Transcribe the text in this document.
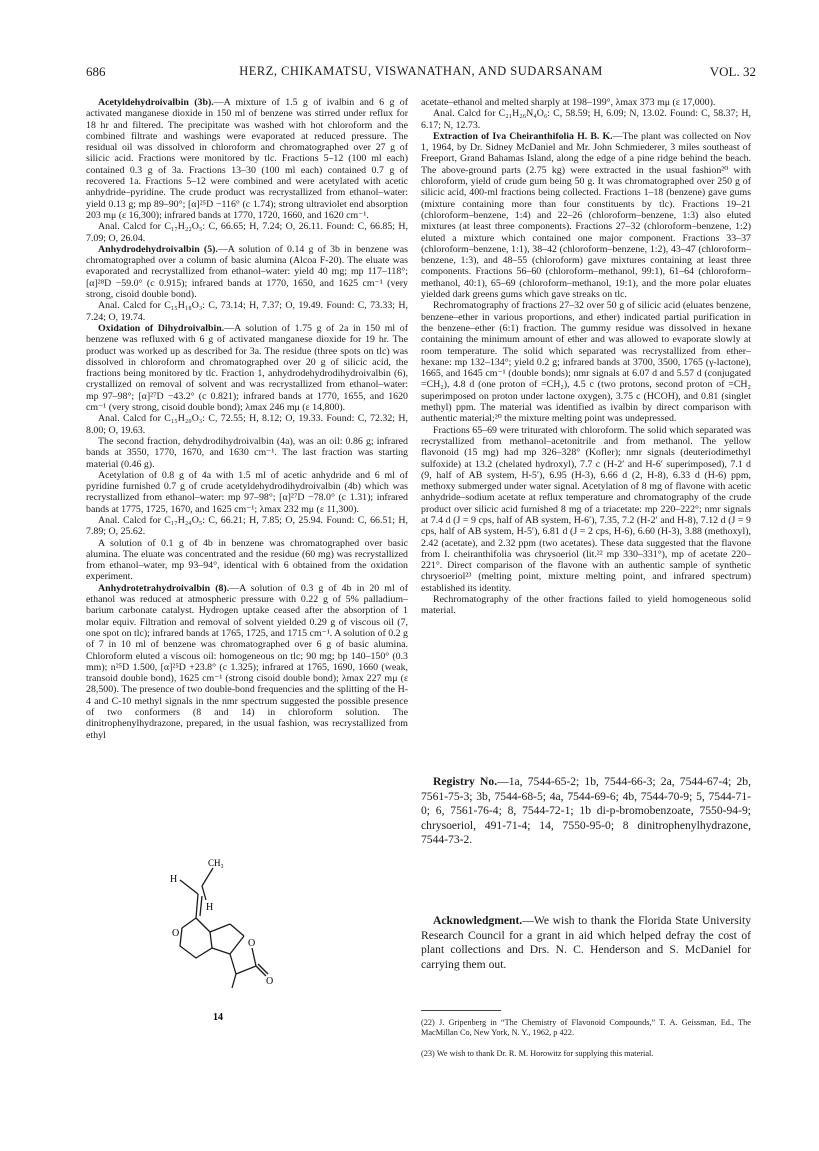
686	HERZ, CHIKAMATSU, VISWANATHAN, AND SUDARSANAM	VOL. 32

Acetyldehydroivalbin (3b).—A mixture of 1.5 g of ivalbin and 6 g of activated manganese dioxide in 150 ml of benzene was stirred under reflux for 18 hr and filtered. The precipitate was washed with hot chloroform and the combined filtrate and washings were evaporated at reduced pressure. The residual oil was dissolved in chloroform and chromatographed over 27 g of silicic acid. Fractions were monitored by tlc. Fractions 5–12 (100 ml each) contained 0.3 g of 3a. Fractions 13–30 (100 ml each) contained 0.7 g of recovered 1a. Fractions 5–12 were combined and were acetylated with acetic anhydride–pyridine. The crude product was recrystallized from ethanol–water: yield 0.13 g; mp 89–90°; [α]²⁵D −116° (c 1.74); strong ultraviolet end absorption 203 mμ (ε 16,300); infrared bands at 1770, 1720, 1660, and 1620 cm⁻¹.

Anal. Calcd for C₁₇H₂₂O₅: C, 66.65; H, 7.24; O, 26.11. Found: C, 66.85; H, 7.09; O, 26.04.

Anhydrodehydroivalbin (5).—A solution of 0.14 g of 3b in benzene was chromatographed over a column of basic alumina (Alcoa F-20). The eluate was evaporated and recrystallized from ethanol–water: yield 40 mg; mp 117–118°; [α]²⁸D −59.0° (c 0.915); infrared bands at 1770, 1650, and 1625 cm⁻¹ (very strong, cisoid double bond).

Anal. Calcd for C₁₅H₁₈O₃: C, 73.14; H, 7.37; O, 19.49. Found: C, 73.33; H, 7.24; O, 19.74.

Oxidation of Dihydroivalbin.—A solution of 1.75 g of 2a in 150 ml of benzene was refluxed with 6 g of activated manganese dioxide for 19 hr. The product was worked up as described for 3a. The residue (three spots on tlc) was dissolved in chloroform and chromatographed over 20 g of silicic acid, the fractions being monitored by tlc. Fraction 1, anhydrodehydrodihydroivalbin (6), crystallized on removal of solvent and was recrystallized from ethanol–water: mp 97–98°; [α]²⁷D −43.2° (c 0.821); infrared bands at 1770, 1655, and 1620 cm⁻¹ (very strong, cisoid double bond); λmax 246 mμ (ε 14,800).

Anal. Calcd for C₁₅H₂₀O₃: C, 72.55; H, 8.12; O, 19.33. Found: C, 72.32; H, 8.00; O, 19.63.

The second fraction, dehydrodihydroivalbin (4a), was an oil: 0.86 g; infrared bands at 3550, 1770, 1670, and 1630 cm⁻¹. The last fraction was starting material (0.46 g).

Acetylation of 0.8 g of 4a with 1.5 ml of acetic anhydride and 6 ml of pyridine furnished 0.7 g of crude acetyldehydrodihydroivalbin (4b) which was recrystallized from ethanol–water: mp 97–98°; [α]²⁷D −78.0° (c 1.31); infrared bands at 1775, 1725, 1670, and 1625 cm⁻¹; λmax 232 mμ (ε 11,300).

Anal. Calcd for C₁₇H₂₄O₅: C, 66.21; H, 7.85; O, 25.94. Found: C, 66.51; H, 7.89; O, 25.62.

A solution of 0.1 g of 4b in benzene was chromatographed over basic alumina. The eluate was concentrated and the residue (60 mg) was recrystallized from ethanol–water, mp 93–94°, identical with 6 obtained from the oxidation experiment.

Anhydrotetrahydroivalbin (8).—A solution of 0.3 g of 4b in 20 ml of ethanol was reduced at atmospheric pressure with 0.22 g of 5% palladium–barium carbonate catalyst. Hydrogen uptake ceased after the absorption of 1 molar equiv. Filtration and removal of solvent yielded 0.29 g of viscous oil (7, one spot on tlc); infrared bands at 1765, 1725, and 1715 cm⁻¹. A solution of 0.2 g of 7 in 10 ml of benzene was chromatographed over 6 g of basic alumina. Chloroform eluted a viscous oil: homogeneous on tlc; 90 mg; bp 140–150° (0.3 mm); n²⁵D 1.500, [α]²⁵D +23.8° (c 1.325); infrared at 1765, 1690, 1660 (weak, transoid double bond), 1625 cm⁻¹ (strong cisoid double bond); λmax 227 mμ (ε 28,500). The presence of two double-bond frequencies and the splitting of the H-4 and C-10 methyl signals in the nmr spectrum suggested the possible presence of two conformers (8 and 14) in chloroform solution. The dinitrophenylhydrazone, prepared, in the usual fashion, was recrystallized from ethyl

CH₃
H
H
O
O
O
14

acetate–ethanol and melted sharply at 198–199°, λmax 373 mμ (ε 17,000).

Anal. Calcd for C₂₁H₂₆N₄O₆: C, 58.59; H, 6.09; N, 13.02. Found: C, 58.37; H, 6.17; N, 12.73.

Extraction of Iva Cheiranthifolia H. B. K.—The plant was collected on Nov 1, 1964, by Dr. Sidney McDaniel and Mr. John Schmiederer, 3 miles southeast of Freeport, Grand Bahamas Island, along the edge of a pine ridge behind the beach. The above-ground parts (2.75 kg) were extracted in the usual fashion²⁰ with chloroform, yield of crude gum being 50 g. It was chromatographed over 250 g of silicic acid, 400-ml fractions being collected. Fractions 1–18 (benzene) gave gums (mixture containing more than four constituents by tlc). Fractions 19–21 (chloroform–benzene, 1:4) and 22–26 (chloroform–benzene, 1:3) also eluted mixtures (at least three components). Fractions 27–32 (chloroform–benzene, 1:2) eluted a mixture which contained one major component. Fractions 33–37 (chloroform–benzene, 1:1), 38–42 (chloroform–benzene, 1:2), 43–47 (chloroform–benzene, 1:3), and 48–55 (chloroform) gave mixtures containing at least three components. Fractions 56–60 (chloroform–methanol, 99:1), 61–64 (chloroform–methanol, 40:1), 65–69 (chloroform–methanol, 19:1), and the more polar eluates yielded dark greens gums which gave streaks on tlc.

Rechromatography of fractions 27–32 over 50 g of silicic acid (eluates benzene, benzene–ether in various proportions, and ether) indicated partial purification in the benzene–ether (6:1) fraction. The gummy residue was dissolved in hexane containing the minimum amount of ether and was allowed to evaporate slowly at room temperature. The solid which separated was recrystallized from ether–hexane: mp 132–134°; yield 0.2 g; infrared bands at 3700, 3500, 1765 (γ-lactone), 1665, and 1645 cm⁻¹ (double bonds); nmr signals at 6.07 d and 5.57 d (conjugated =CH₂), 4.8 d (one proton of =CH₂), 4.5 c (two protons, second proton of =CH₂ superimposed on proton under lactone oxygen), 3.75 c (HCOH), and 0.81 (singlet methyl) ppm. The material was identified as ivalbin by direct comparison with authentic material;²⁰ the mixture melting point was undepressed.

Fractions 65–69 were triturated with chloroform. The solid which separated was recrystallized from methanol–acetonitrile and from methanol. The yellow flavonoid (15 mg) had mp 326–328° (Kofler); nmr signals (deuteriodimethyl sulfoxide) at 13.2 (chelated hydroxyl), 7.7 c (H-2′ and H-6′ superimposed), 7.1 d (9, half of AB system, H-5′), 6.95 (H-3), 6.66 d (2, H-8), 6.33 d (H-6) ppm, methoxy submerged under water signal. Acetylation of 8 mg of flavone with acetic anhydride–sodium acetate at reflux temperature and chromatography of the crude product over silicic acid furnished 8 mg of a triacetate: mp 220–222°; nmr signals at 7.4 d (J = 9 cps, half of AB system, H-6′), 7.35, 7.2 (H-2′ and H-8), 7.12 d (J = 9 cps, half of AB system, H-5′), 6.81 d (J = 2 cps, H-6), 6.60 (H-3), 3.88 (methoxyl), 2.42 (acetate), and 2.32 ppm (two acetates). These data suggested that the flavone from I. cheiranthifolia was chrysoeriol (lit.²² mp 330–331°), mp of acetate 220–221°. Direct comparison of the flavone with an authentic sample of synthetic chrysoeriol²³ (melting point, mixture melting point, and infrared spectrum) established its identity.

Rechromatography of the other fractions failed to yield homogeneous solid material.

Registry No.—1a, 7544-65-2; 1b, 7544-66-3; 2a, 7544-67-4; 2b, 7561-75-3; 3b, 7544-68-5; 4a, 7544-69-6; 4b, 7544-70-9; 5, 7544-71-0; 6, 7561-76-4; 8, 7544-72-1; 1b di-p-bromobenzoate, 7550-94-9; chrysoeriol, 491-71-4; 14, 7550-95-0; 8 dinitrophenylhydrazone, 7544-73-2.

Acknowledgment.—We wish to thank the Florida State University Research Council for a grant in aid which helped defray the cost of plant collections and Drs. N. C. Henderson and S. McDaniel for carrying them out.

(22) J. Gripenberg in “The Chemistry of Flavonoid Compounds,” T. A. Geissman, Ed., The MacMillan Co, New York, N. Y., 1962, p 422.
(23) We wish to thank Dr. R. M. Horowitz for supplying this material.
